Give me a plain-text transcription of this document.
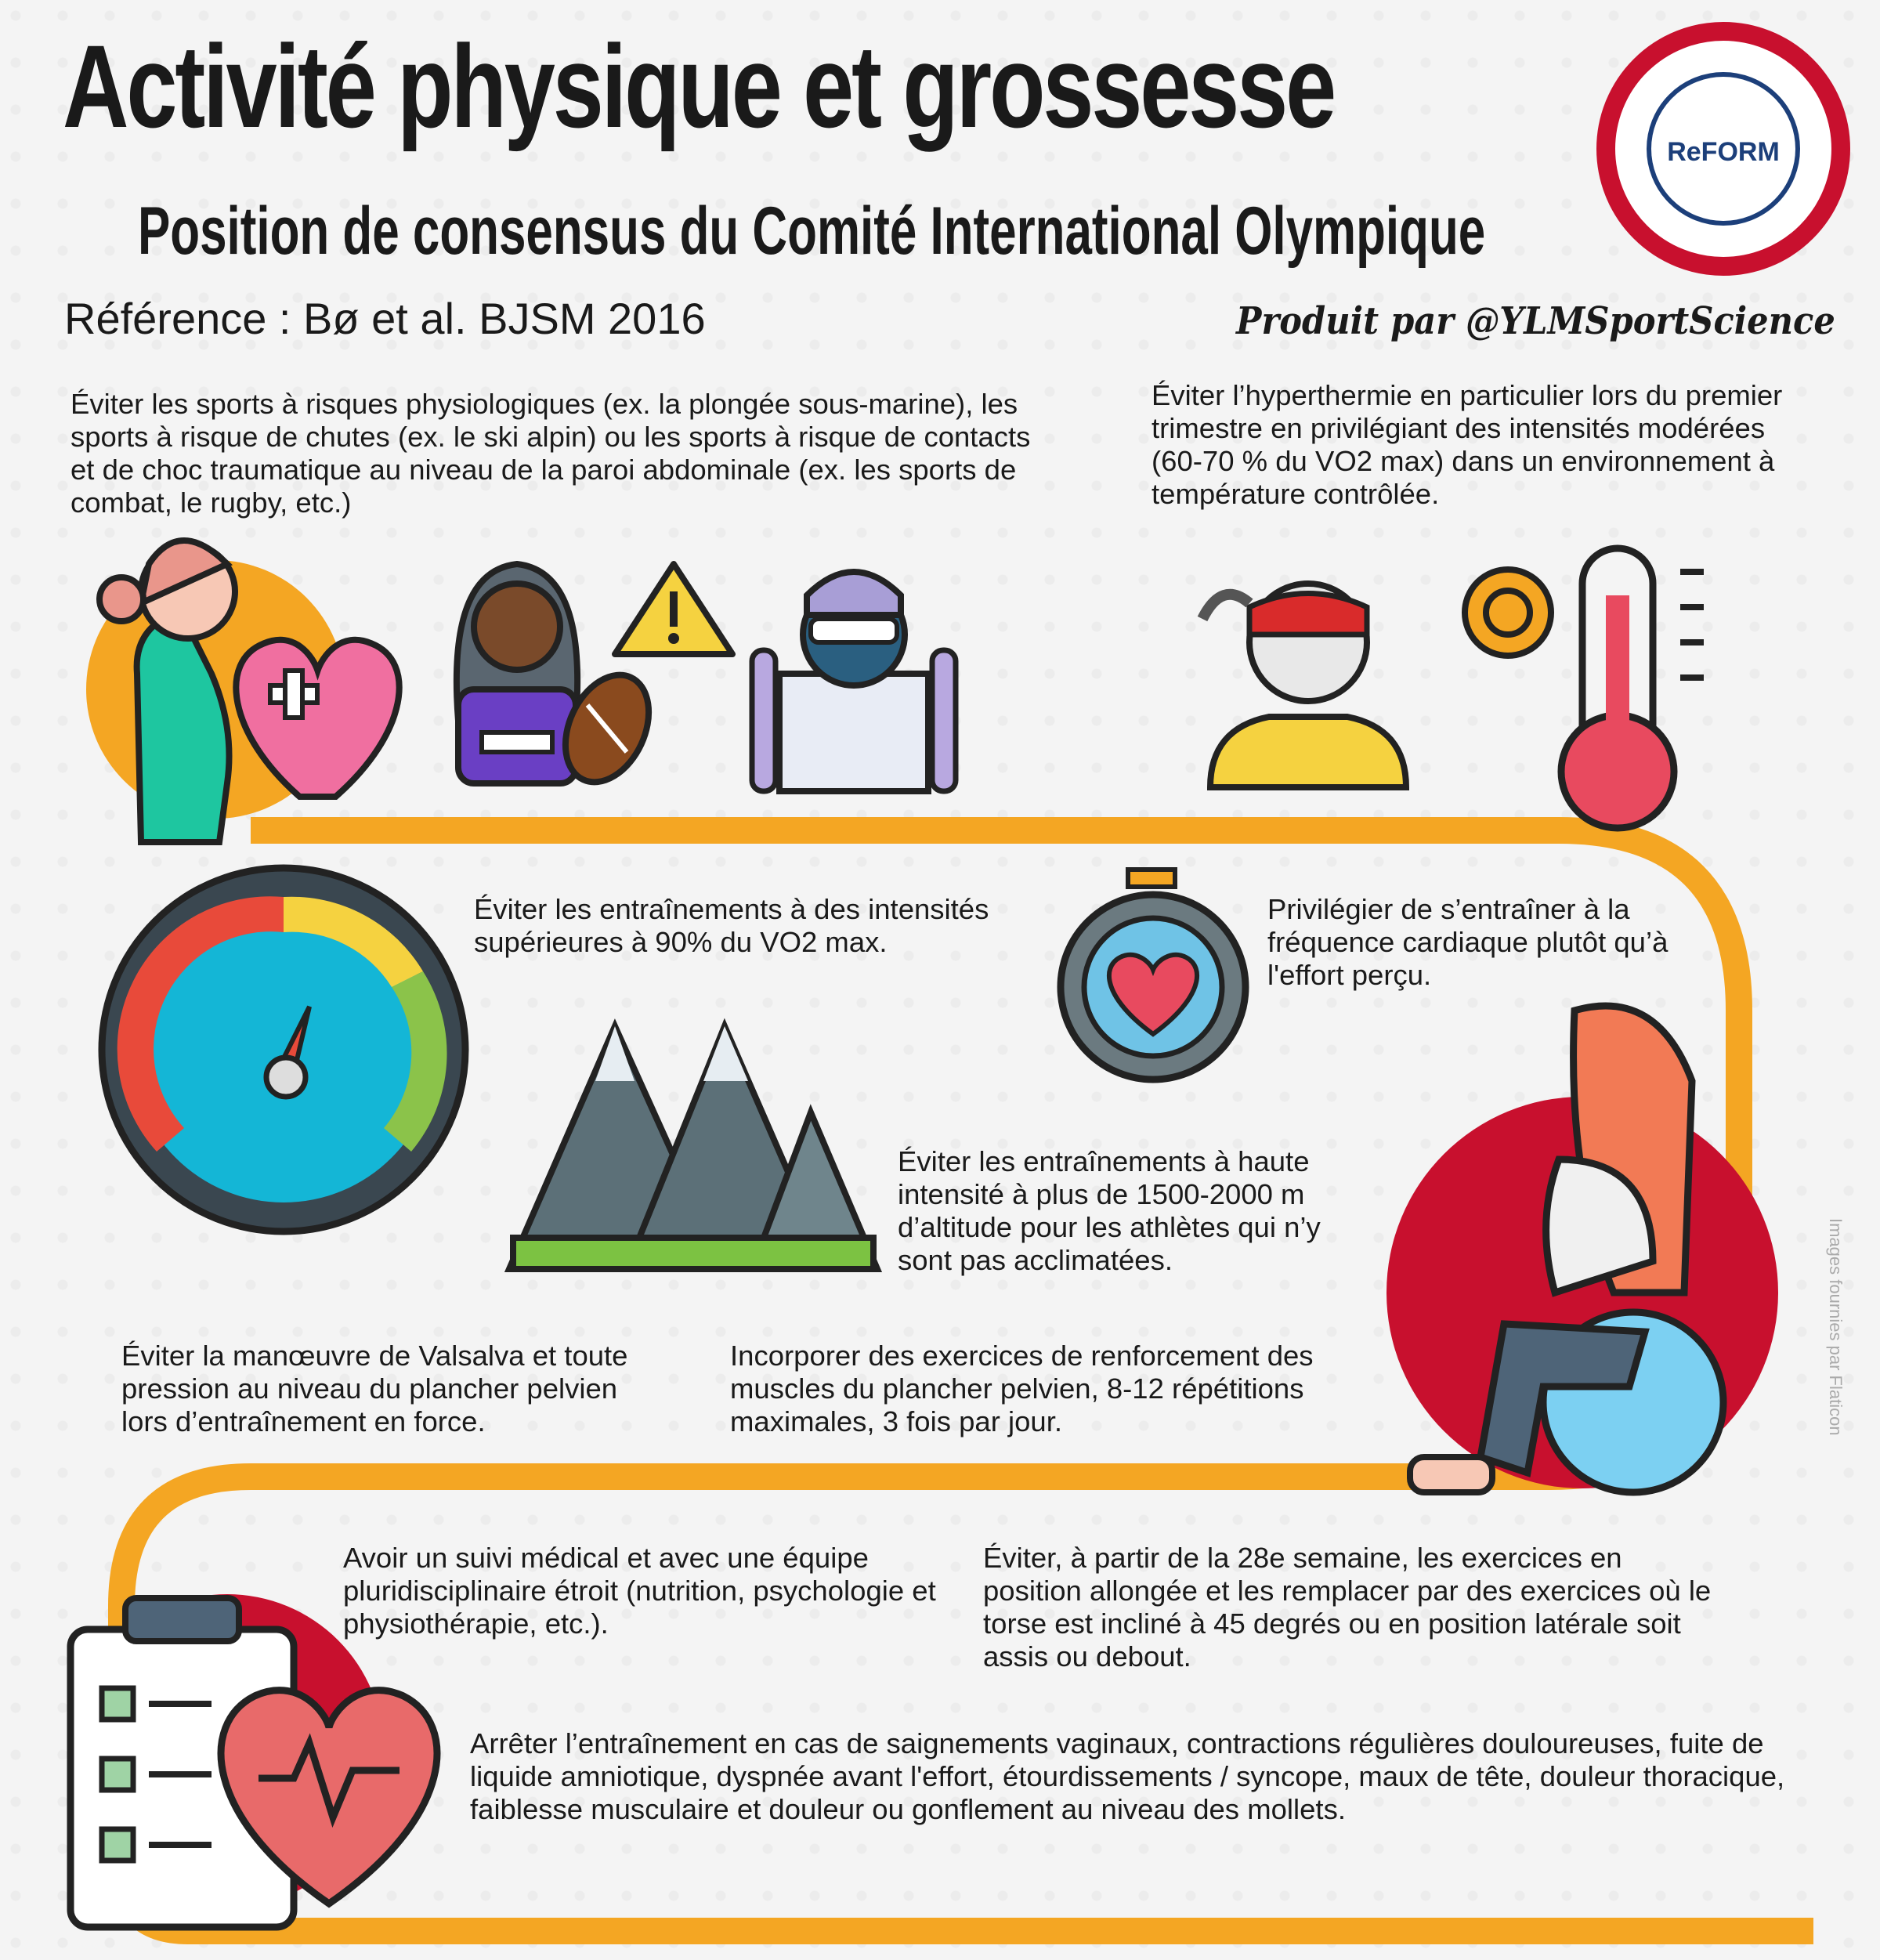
Activité physique et grossesse
Position de consensus du Comité International Olympique
Référence : Bø et al. BJSM 2016	Produit par @YLMSportScience
ReFORM
Éviter les sports à risques physiologiques (ex. la plongée sous-marine), les sports à risque de chutes (ex. le ski alpin) ou les sports à risque de contacts et de choc traumatique au niveau de la paroi abdominale (ex. les sports de combat, le rugby, etc.)
Éviter l’hyperthermie en particulier lors du premier trimestre en privilégiant des intensités modérées (60-70 % du VO2 max) dans un environnement à température contrôlée.
Éviter les entraînements à des intensités supérieures à 90% du VO2 max.
Privilégier de s’entraîner à la fréquence cardiaque plutôt qu’à l'effort perçu.
Éviter les entraînements à haute intensité à plus de 1500-2000 m d’altitude pour les athlètes qui n’y sont pas acclimatées.
Éviter la manœuvre de Valsalva et toute pression au niveau du plancher pelvien lors d’entraînement en force.
Incorporer des exercices de renforcement des muscles du plancher pelvien, 8-12 répétitions maximales, 3 fois par jour.
Avoir un suivi médical et avec une équipe pluridisciplinaire étroit (nutrition, psychologie et physiothérapie, etc.).
Éviter, à partir de la 28e semaine, les exercices en position allongée et les remplacer par des exercices où le torse est incliné à 45 degrés ou en position latérale soit assis ou debout.
Arrêter l’entraînement en cas de saignements vaginaux, contractions régulières douloureuses, fuite de liquide amniotique, dyspnée avant l'effort, étourdissements / syncope, maux de tête, douleur thoracique, faiblesse musculaire et douleur ou gonflement au niveau des mollets.
Images fournies par Flaticon
